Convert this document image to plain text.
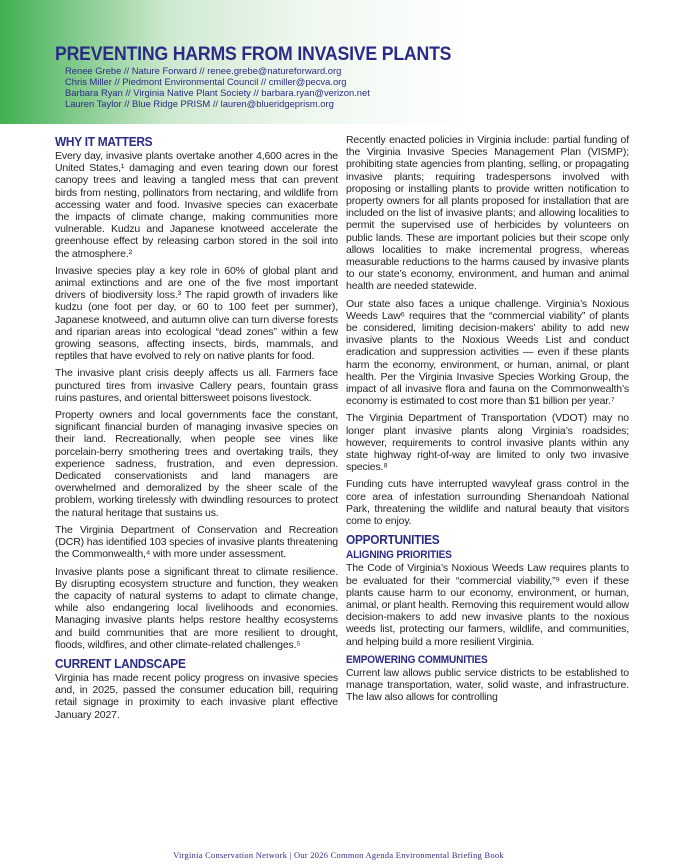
PREVENTING HARMS FROM INVASIVE PLANTS
Renee Grebe // Nature Forward // renee.grebe@natureforward.org
Chris Miller // Piedmont Environmental Council // cmiller@pecva.org
Barbara Ryan // Virginia Native Plant Society // barbara.ryan@verizon.net
Lauren Taylor // Blue Ridge PRISM // lauren@blueridgeprism.org
WHY IT MATTERS

Every day, invasive plants overtake another 4,600 acres in the United States,¹ damaging and even tearing down our forest canopy trees and leaving a tangled mess that can prevent birds from nesting, pollinators from nectaring, and wildlife from accessing water and food. Invasive species can exacerbate the impacts of climate change, making communities more vulnerable. Kudzu and Japanese knotweed accelerate the greenhouse effect by releasing carbon stored in the soil into the atmosphere.²

Invasive species play a key role in 60% of global plant and animal extinctions and are one of the five most important drivers of biodiversity loss.³ The rapid growth of invaders like kudzu (one foot per day, or 60 to 100 feet per summer), Japanese knotweed, and autumn olive can turn diverse forests and riparian areas into ecological “dead zones” within a few growing seasons, affecting insects, birds, mammals, and reptiles that have evolved to rely on native plants for food.

The invasive plant crisis deeply affects us all. Farmers face punctured tires from invasive Callery pears, fountain grass ruins pastures, and oriental bittersweet poisons livestock.

Property owners and local governments face the constant, significant financial burden of managing invasive species on their land. Recreationally, when people see vines like porcelain-berry smothering trees and overtaking trails, they experience sadness, frustration, and even depression. Dedicated conservationists and land managers are overwhelmed and demoralized by the sheer scale of the problem, working tirelessly with dwindling resources to protect the natural heritage that sustains us.

The Virginia Department of Conservation and Recreation (DCR) has identified 103 species of invasive plants threatening the Commonwealth,⁴ with more under assessment.

Invasive plants pose a significant threat to climate resilience. By disrupting ecosystem structure and function, they weaken the capacity of natural systems to adapt to climate change, while also endangering local livelihoods and economies. Managing invasive plants helps restore healthy ecosystems and build communities that are more resilient to drought, floods, wildfires, and other climate-related challenges.⁵

CURRENT LANDSCAPE

Virginia has made recent policy progress on invasive species and, in 2025, passed the consumer education bill, requiring retail signage in proximity to each invasive plant effective January 2027.

Recently enacted policies in Virginia include: partial funding of the Virginia Invasive Species Management Plan (VISMP); prohibiting state agencies from planting, selling, or propagating invasive plants; requiring tradespersons involved with proposing or installing plants to provide written notification to property owners for all plants proposed for installation that are included on the list of invasive plants; and allowing localities to permit the supervised use of herbicides by volunteers on public lands. These are important policies but their scope only allows localities to make incremental progress, whereas measurable reductions to the harms caused by invasive plants to our state’s economy, environment, and human and animal health are needed statewide.

Our state also faces a unique challenge. Virginia’s Noxious Weeds Law⁶ requires that the “commercial viability” of plants be considered, limiting decision-makers’ ability to add new invasive plants to the Noxious Weeds List and conduct eradication and suppression activities — even if these plants harm the economy, environment, or human, animal, or plant health. Per the Virginia Invasive Species Working Group, the impact of all invasive flora and fauna on the Commonwealth’s economy is estimated to cost more than $1 billion per year.⁷

The Virginia Department of Transportation (VDOT) may no longer plant invasive plants along Virginia’s roadsides; however, requirements to control invasive plants within any state highway right-of-way are limited to only two invasive species.⁸

Funding cuts have interrupted wavyleaf grass control in the core area of infestation surrounding Shenandoah National Park, threatening the wildlife and natural beauty that visitors come to enjoy.

OPPORTUNITIES
ALIGNING PRIORITIES

The Code of Virginia’s Noxious Weeds Law requires plants to be evaluated for their “commercial viability,”⁹ even if these plants cause harm to our economy, environment, or human, animal, or plant health. Removing this requirement would allow decision-makers to add new invasive plants to the noxious weeds list, protecting our farmers, wildlife, and communities, and helping build a more resilient Virginia.

EMPOWERING COMMUNITIES

Current law allows public service districts to be established to manage transportation, water, solid waste, and infrastructure. The law also allows for controlling

Virginia Conservation Network | Our 2026 Common Agenda Environmental Briefing Book
